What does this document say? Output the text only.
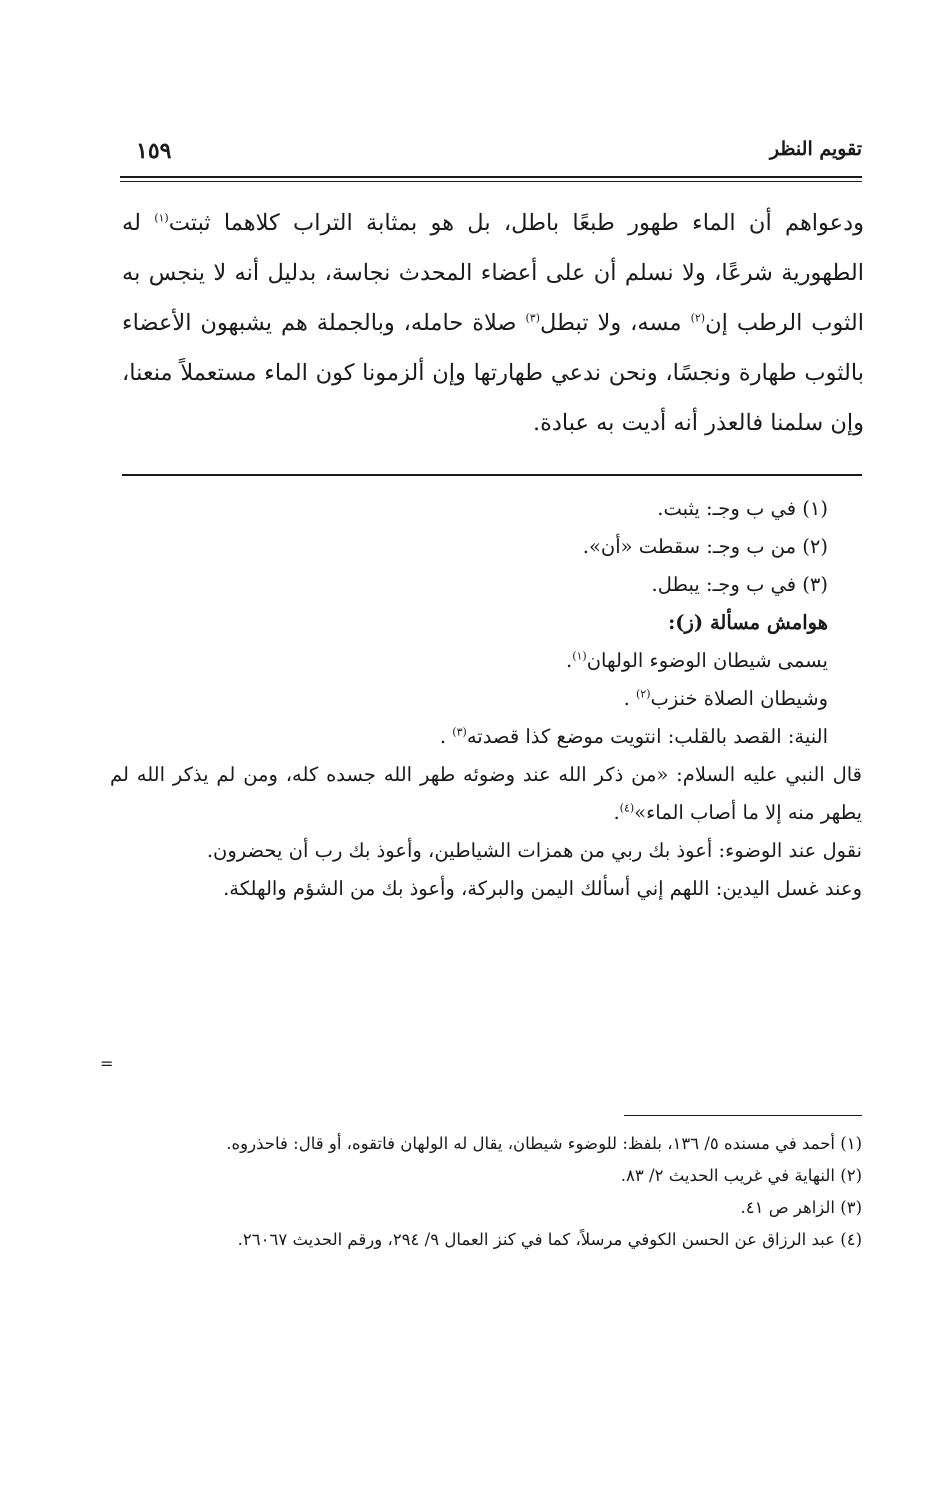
تقويم النظر
١٥٩

ودعواهم أن الماء طهور طبعًا باطل، بل هو بمثابة التراب كلاهما ثبتت$^{(١)}$ له الطهورية شرعًا، ولا نسلم أن على أعضاء المحدث نجاسة، بدليل أنه لا ينجس به الثوب الرطب إن$^{(٢)}$ مسه، ولا تبطل$^{(٣)}$ صلاة حامله، وبالجملة هم يشبهون الأعضاء بالثوب طهارة ونجسًا، ونحن ندعي طهارتها وإن ألزمونا كون الماء مستعملاً منعنا، وإن سلمنا فالعذر أنه أديت به عبادة.

(١) في ب وجـ: يثبت.

(٢) من ب وجـ: سقطت «أن».

(٣) في ب وجـ: يبطل.

هوامش مسألة (ز):

يسمى شيطان الوضوء الولهان$^{(١)}$.

وشيطان الصلاة خنزب$^{(٢)}$ .

النية: القصد بالقلب: انتويت موضع كذا قصدته$^{(٣)}$ .

قال النبي عليه السلام: «من ذكر الله عند وضوئه طهر الله جسده كله، ومن لم يذكر الله لم يطهر منه إلا ما أصاب الماء»$^{(٤)}$.

نقول عند الوضوء: أعوذ بك ربي من همزات الشياطين، وأعوذ بك رب أن يحضرون.

وعند غسل اليدين: اللهم إني أسألك اليمن والبركة، وأعوذ بك من الشؤم والهلكة.

=

(١) أحمد في مسنده ٥/ ١٣٦، بلفظ: للوضوء شيطان، يقال له الولهان فاتقوه، أو قال: فاحذروه.

(٢) النهاية في غريب الحديث ٢/ ٨٣.

(٣) الزاهر ص ٤١.

(٤) عبد الرزاق عن الحسن الكوفي مرسلاً، كما في كنز العمال ٩/ ٢٩٤، ورقم الحديث ٢٦٠٦٧.
